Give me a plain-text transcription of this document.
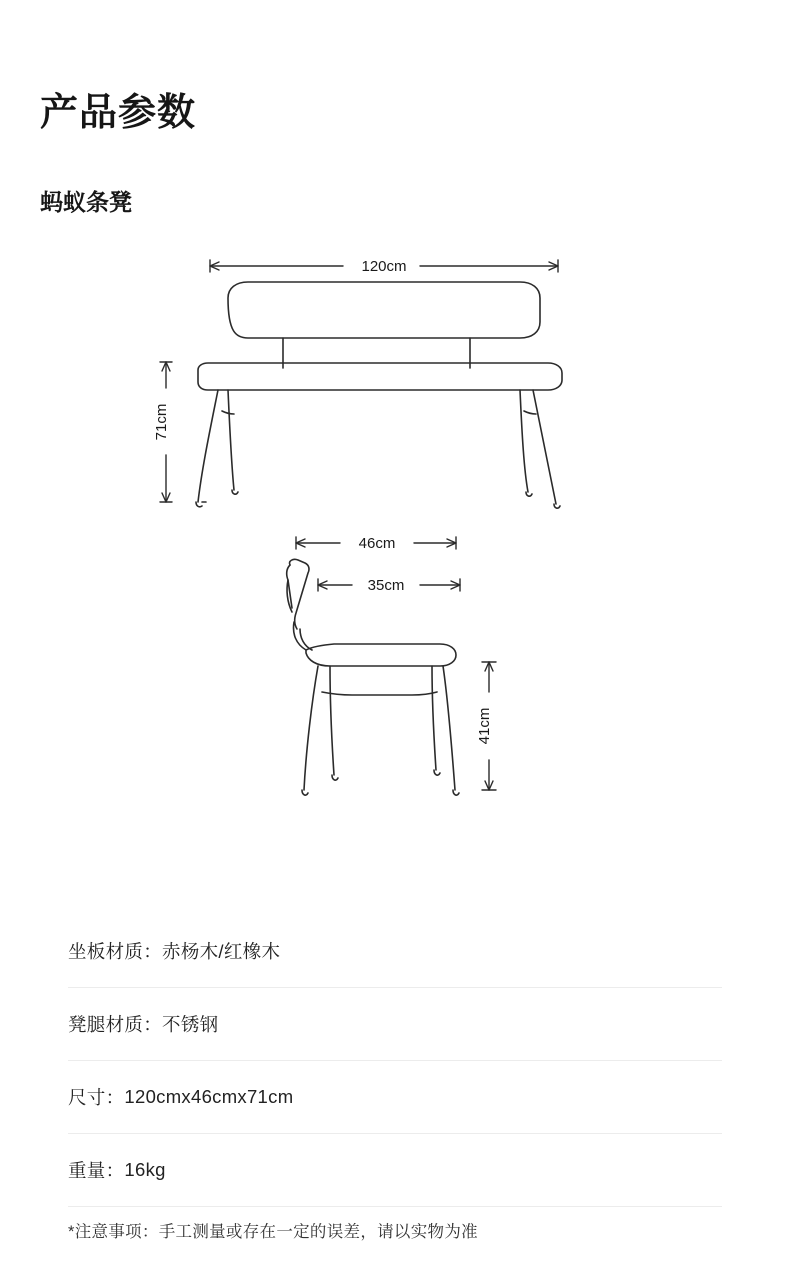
产品参数
蚂蚁条凳
120cm
71cm
46cm
35cm
41cm
坐板材质： 赤杨木/红橡木
凳腿材质： 不锈钢
尺寸： 120cmx46cmx71cm
重量： 16kg
*注意事项：手工测量或存在一定的误差，请以实物为准
